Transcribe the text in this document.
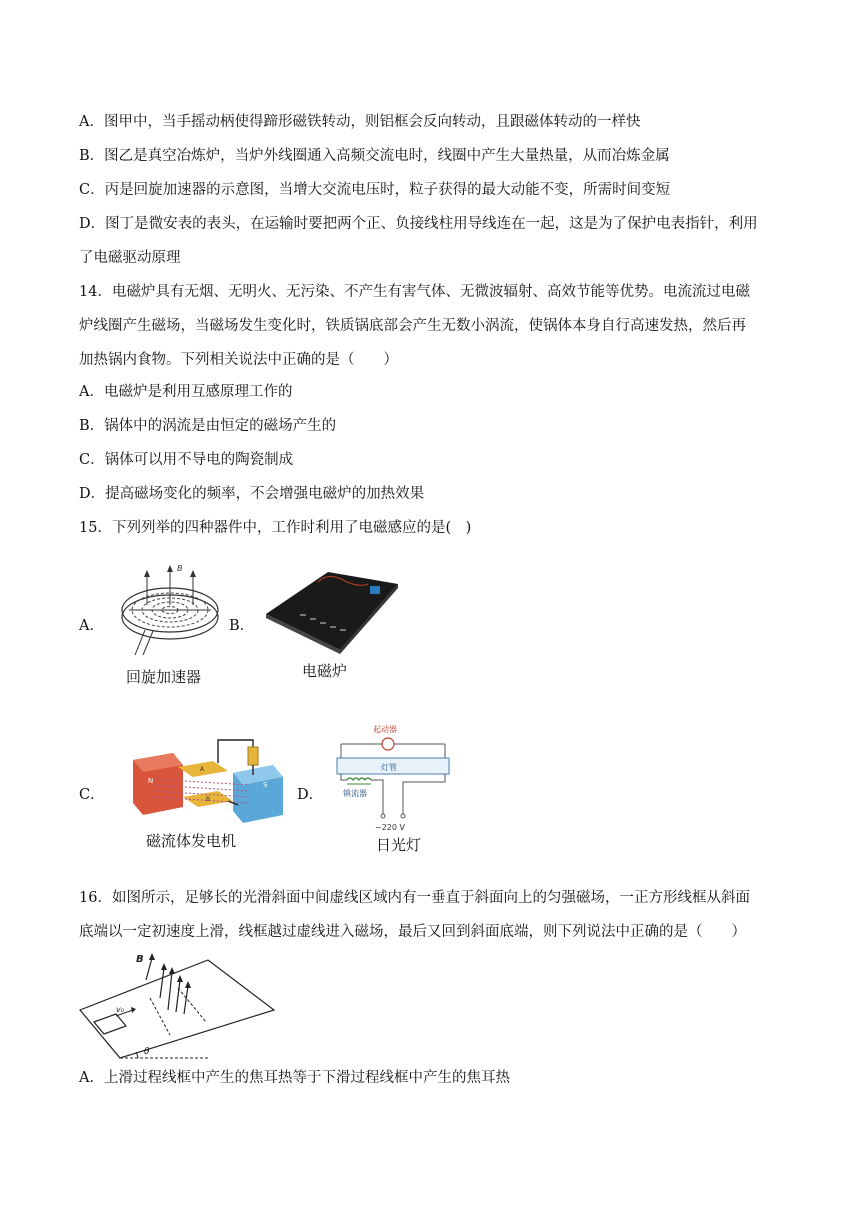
A．图甲中，当手摇动柄使得蹄形磁铁转动，则铝框会反向转动，且跟磁体转动的一样快
B．图乙是真空冶炼炉，当炉外线圈通入高频交流电时，线圈中产生大量热量，从而冶炼金属
C．丙是回旋加速器的示意图，当增大交流电压时，粒子获得的最大动能不变，所需时间变短
D．图丁是微安表的表头，在运输时要把两个正、负接线柱用导线连在一起，这是为了保护电表指针，利用
了电磁驱动原理
14．电磁炉具有无烟、无明火、无污染、不产生有害气体、无微波辐射、高效节能等优势。电流流过电磁
炉线圈产生磁场，当磁场发生变化时，铁质锅底部会产生无数小涡流，使锅体本身自行高速发热，然后再
加热锅内食物。下列相关说法中正确的是（　　）
A．电磁炉是利用互感原理工作的
B．锅体中的涡流是由恒定的磁场产生的
C．锅体可以用不导电的陶瓷制成
D．提高磁场变化的频率，不会增强电磁炉的加热效果
15．下列列举的四种器件中，工作时利用了电磁感应的是(　)
A．
B
回旋加速器
B．
电磁炉
C．
N	S
A
B
磁流体发电机
D．
起动器
灯管
镇流器
~220 V
日光灯
16．如图所示，足够长的光滑斜面中间虚线区域内有一垂直于斜面向上的匀强磁场，一正方形线框从斜面
底端以一定初速度上滑，线框越过虚线进入磁场，最后又回到斜面底端，则下列说法中正确的是（　　）
θ
B
v₀
A．上滑过程线框中产生的焦耳热等于下滑过程线框中产生的焦耳热
